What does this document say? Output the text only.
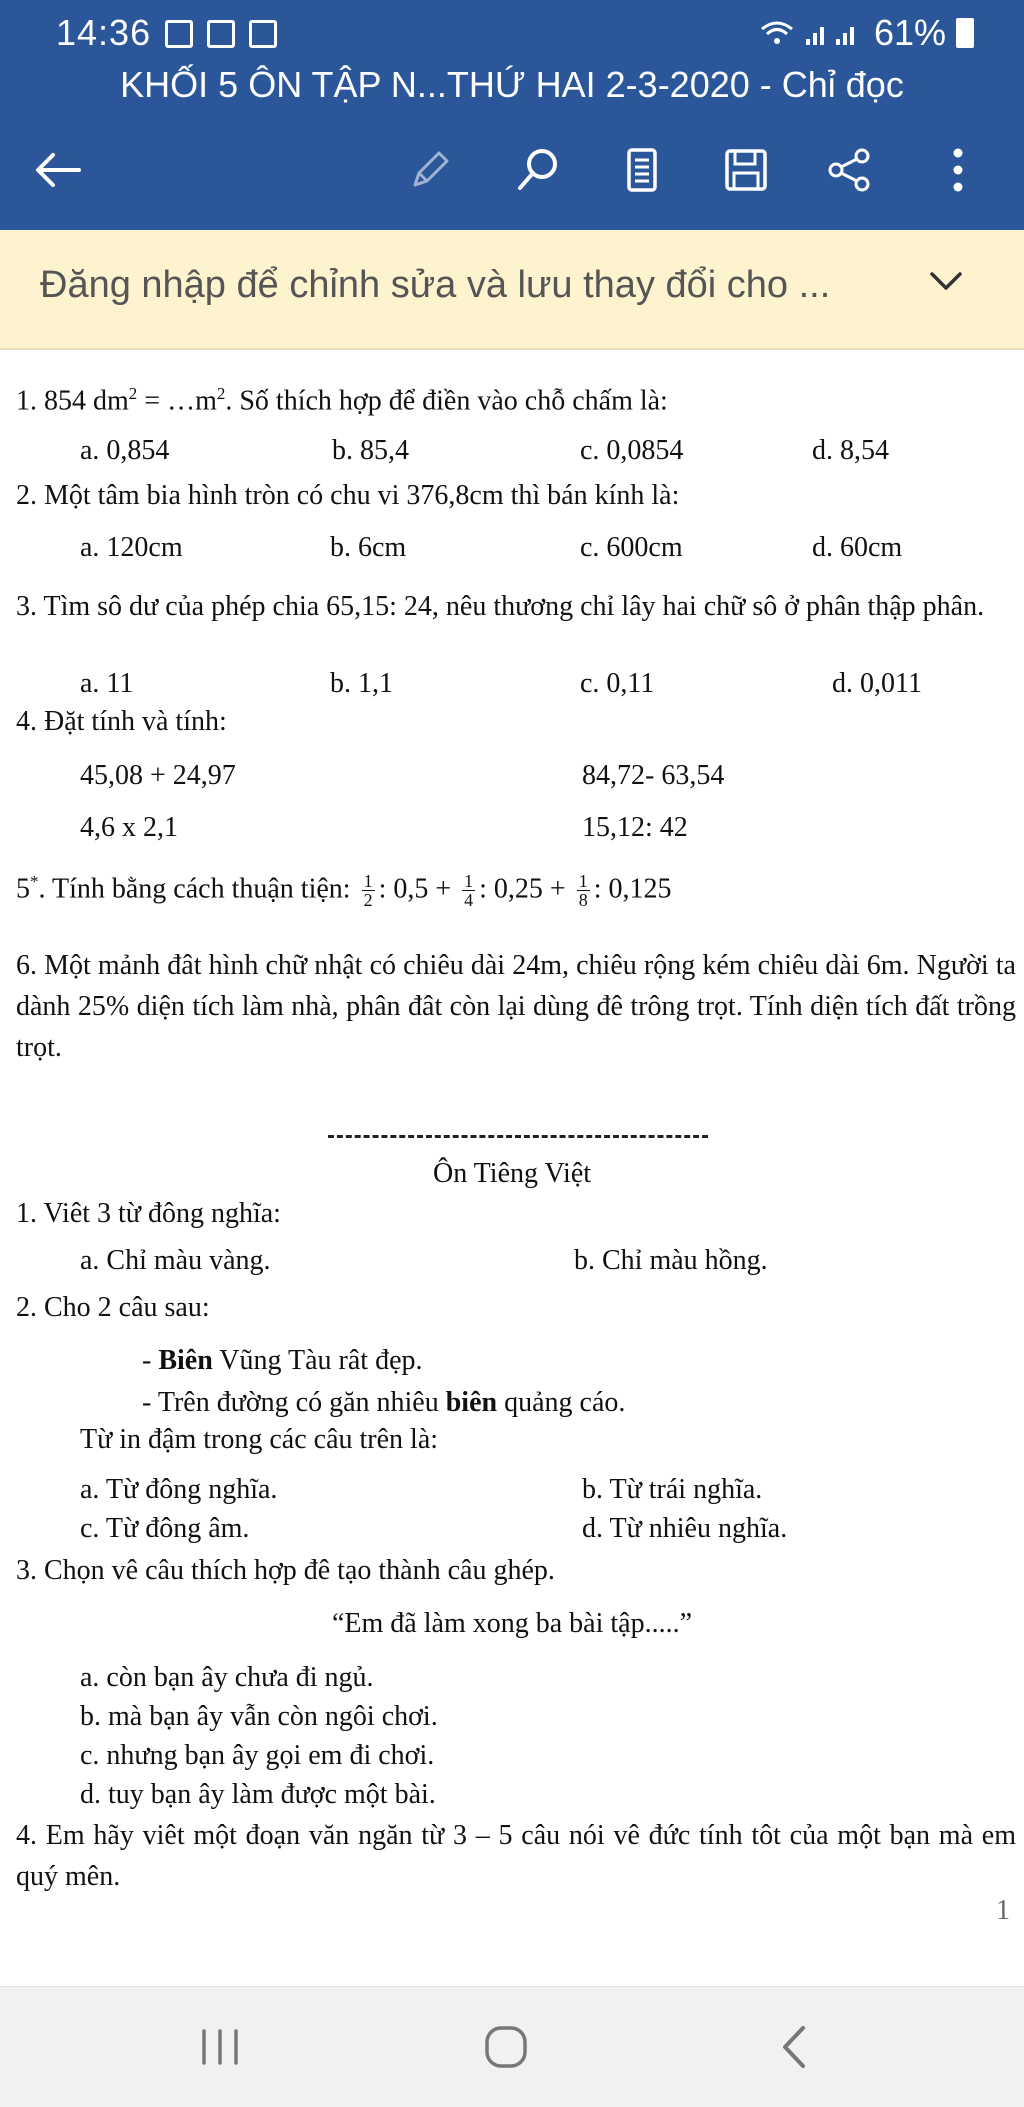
14:36	61%
KHỐI 5 ÔN TẬP N...THỨ HAI 2-3-2020 - Chỉ đọc
Đăng nhập để chỉnh sửa và lưu thay đổi cho ...
1. 854 $dm^2$ = $\dots m^2$. Số thích hợp để điền vào chỗ chấm là:
a. 0,854	b. 85,4	c. 0,0854	d. 8,54
2. Một tâm bia hình tròn có chu vi 376,8cm thì bán kính là:
a. 120cm	b. 6cm	c. 600cm	d. 60cm
3. Tìm sô dư của phép chia 65,15: 24, nêu thương chỉ lây hai chữ sô ở phân thập phân.
a. 11	b. 1,1	c. 0,11	d. 0,011
4. Đặt tính và tính:
45,08 + 24,97	84,72- 63,54
4,6 x 2,1	15,12: 42
5*. Tính bằng cách thuận tiện: $\frac{1}{2}$ : $0,5 + \frac{1}{4}$ : $0,25 + \frac{1}{8}$ : 0,125
6. Một mảnh đât hình chữ nhật có chiêu dài 24m, chiêu rộng kém chiêu dài 6m. Người ta dành 25% diện tích làm nhà, phân đât còn lại dùng đê trông trọt. Tính diện tích đất trồng trọt.
Ôn Tiêng Việt
1. Viêt 3 từ đông nghĩa:
a. Chỉ màu vàng.	b. Chỉ màu hồng.
2. Cho 2 câu sau:
- Biên Vũng Tàu rât đẹp.
- Trên đường có găn nhiêu biên quảng cáo.
Từ in đậm trong các câu trên là:
a. Từ đông nghĩa.	b. Từ trái nghĩa.
c. Từ đông âm.	d. Từ nhiêu nghĩa.
3. Chọn vê câu thích hợp đê tạo thành câu ghép.
“Em đã làm xong ba bài tập.....”
a. còn bạn ây chưa đi ngủ.
b. mà bạn ây vẫn còn ngôi chơi.
c. nhưng bạn ây gọi em đi chơi.
d. tuy bạn ây làm được một bài.
4. Em hãy viêt một đoạn văn ngăn từ 3 – 5 câu nói vê đức tính tôt của một bạn mà em quý mên.
1
